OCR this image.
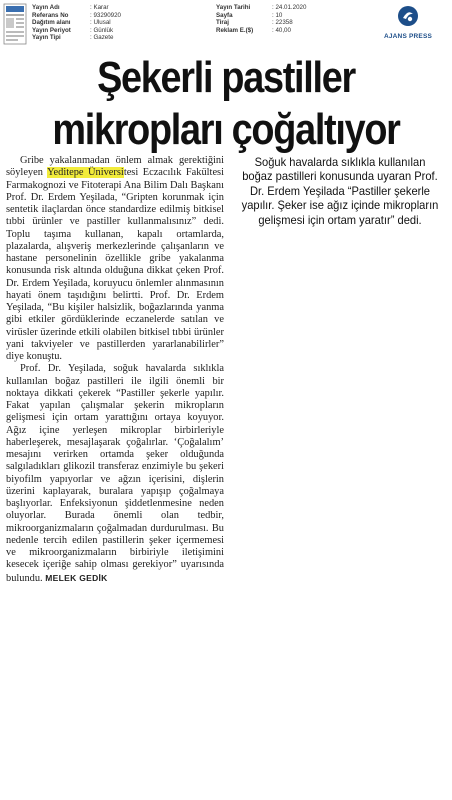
Yayın Adı	: Karar
Referans No	: 93290920
Dağıtım alanı	: Ulusal
Yayın Periyot	: Günlük
Yayın Tipi	: Gazete
Yayın Tarihi	: 24.01.2020
Sayfa	: 10
Tiraj	: 22358
Reklam E.($)	: 40,00
AJANS PRESS
Şekerli pastiller
mikropları çoğaltıyor

Gribe yakalanmadan önlem almak gerektiğini söyleyen Yeditepe Üniversitesi Eczacılık Fakültesi Farmakognozi ve Fitoterapi Ana Bilim Dalı Başkanı Prof. Dr. Erdem Yeşilada, “Gripten korunmak için sentetik ilaçlardan önce standardize edilmiş bitkisel tıbbi ürünler ve pastiller kullanmalısınız” dedi. Toplu taşıma kullanan, kapalı ortamlarda, plazalarda, alışveriş merkezlerinde çalışanların ve hastane personelinin özellikle gribe yakalanma konusunda risk altında olduğuna dikkat çeken Prof. Dr. Erdem Yeşilada, koruyucu önlemler alınmasının hayati önem taşıdığını belirtti. Prof. Dr. Erdem Yeşilada, “Bu kişiler halsizlik, boğazlarında yanma gibi etkiler gördüklerinde eczanelerde satılan ve virüsler üzerinde etkili olabilen bitkisel tıbbi ürünler yani takviyeler ve pastillerden yararlanabilirler” diye konuştu.

Prof. Dr. Yeşilada, soğuk havalarda sıklıkla kullanılan boğaz pastilleri ile ilgili önemli bir noktaya dikkati çekerek “Pastiller şekerle yapılır. Fakat yapılan çalışmalar şekerin mikropların gelişmesi için ortam yarattığını ortaya koyuyor. Ağız içine yerleşen mikroplar birbirleriyle haberleşerek, mesajlaşarak çoğalırlar. ‘Çoğalalım’ mesajını verirken ortamda şeker olduğunda salgıladıkları glikozil transferaz enzimiyle bu şekeri biyofilm yapıyorlar ve ağzın içerisini, dişlerin üzerini kaplayarak, buralara yapışıp çoğalmaya başlıyorlar. Enfeksiyonun şiddetlenmesine neden oluyorlar. Burada önemli olan tedbir, mikroorganizmaların çoğalmadan durdurulması. Bu nedenle tercih edilen pastillerin şeker içermemesi ve mikroorganizmaların birbiriyle iletişimini kesecek içeriğe sahip olması gerekiyor” uyarısında bulundu. MELEK GEDİK

Soğuk havalarda sıklıkla kullanılan boğaz pastilleri konusunda uyaran Prof. Dr. Erdem Yeşilada “Pastiller şekerle yapılır. Şeker ise ağız içinde mikropların gelişmesi için ortam yaratır” dedi.
